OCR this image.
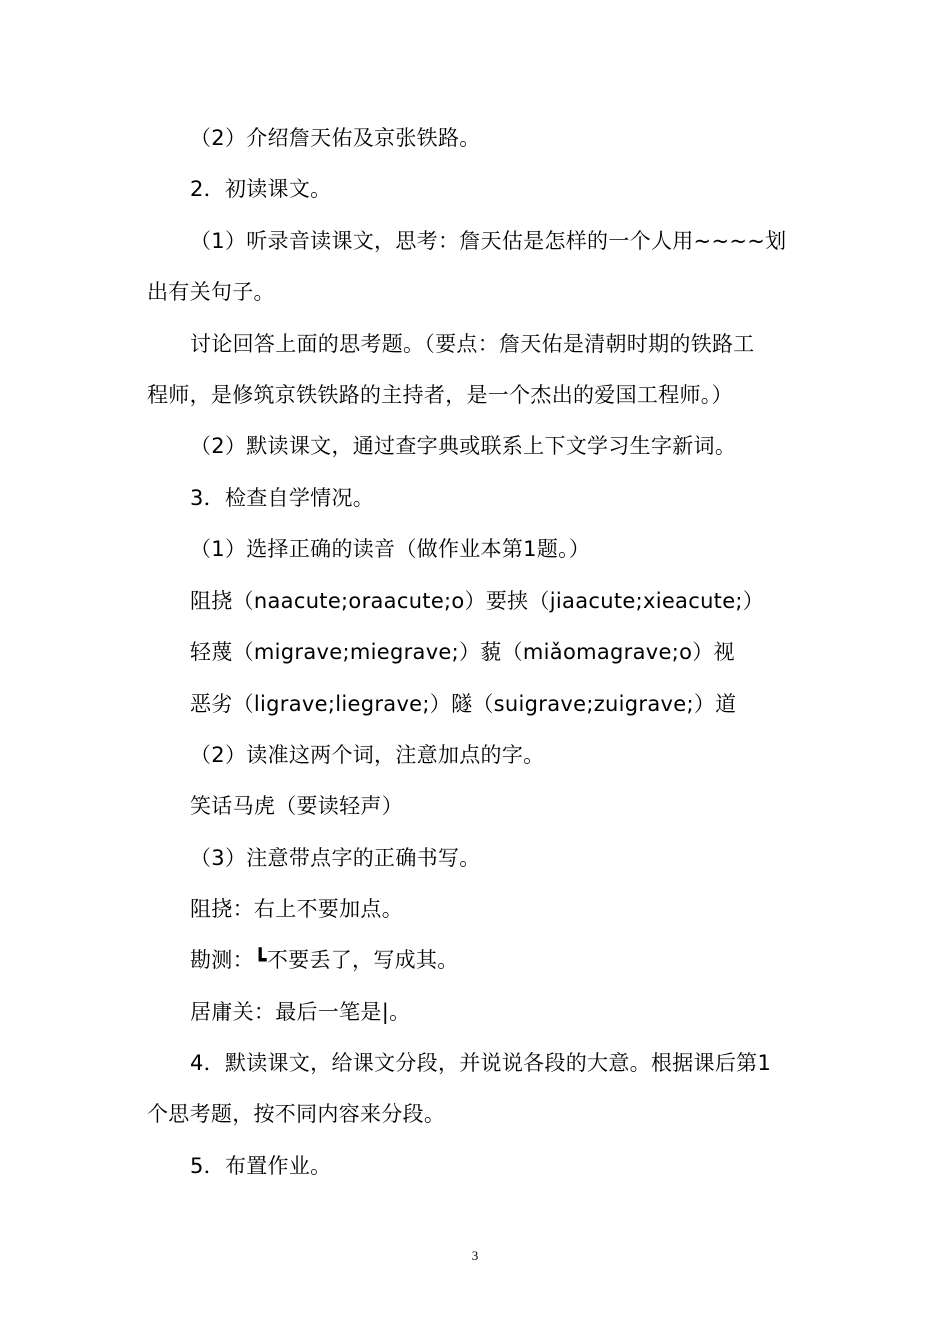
（2）介绍詹天佑及京张铁路。
2．初读课文。
（1）听录音读课文，思考：詹天估是怎样的一个人用~~~~划
出有关句子。
讨论回答上面的思考题。（要点：詹天佑是清朝时期的铁路工
程师，是修筑京铁铁路的主持者，是一个杰出的爱国工程师。）
（2）默读课文，通过查字典或联系上下文学习生字新词。
3．检查自学情况。
（1）选择正确的读音（做作业本第1题。）
阻挠（naacute;oraacute;o）要挟（jiaacute;xieacute;）
轻蔑（migrave;miegrave;）藐（miǎomagrave;o）视
恶劣（ligrave;liegrave;）隧（suigrave;zuigrave;）道
（2）读准这两个词，注意加点的字。
笑话马虎（要读轻声）
（3）注意带点字的正确书写。
阻挠：右上不要加点。
勘测：┗不要丢了，写成其。
居庸关：最后一笔是|。
4．默读课文，给课文分段，并说说各段的大意。根据课后第1
个思考题，按不同内容来分段。
5．布置作业。
3
